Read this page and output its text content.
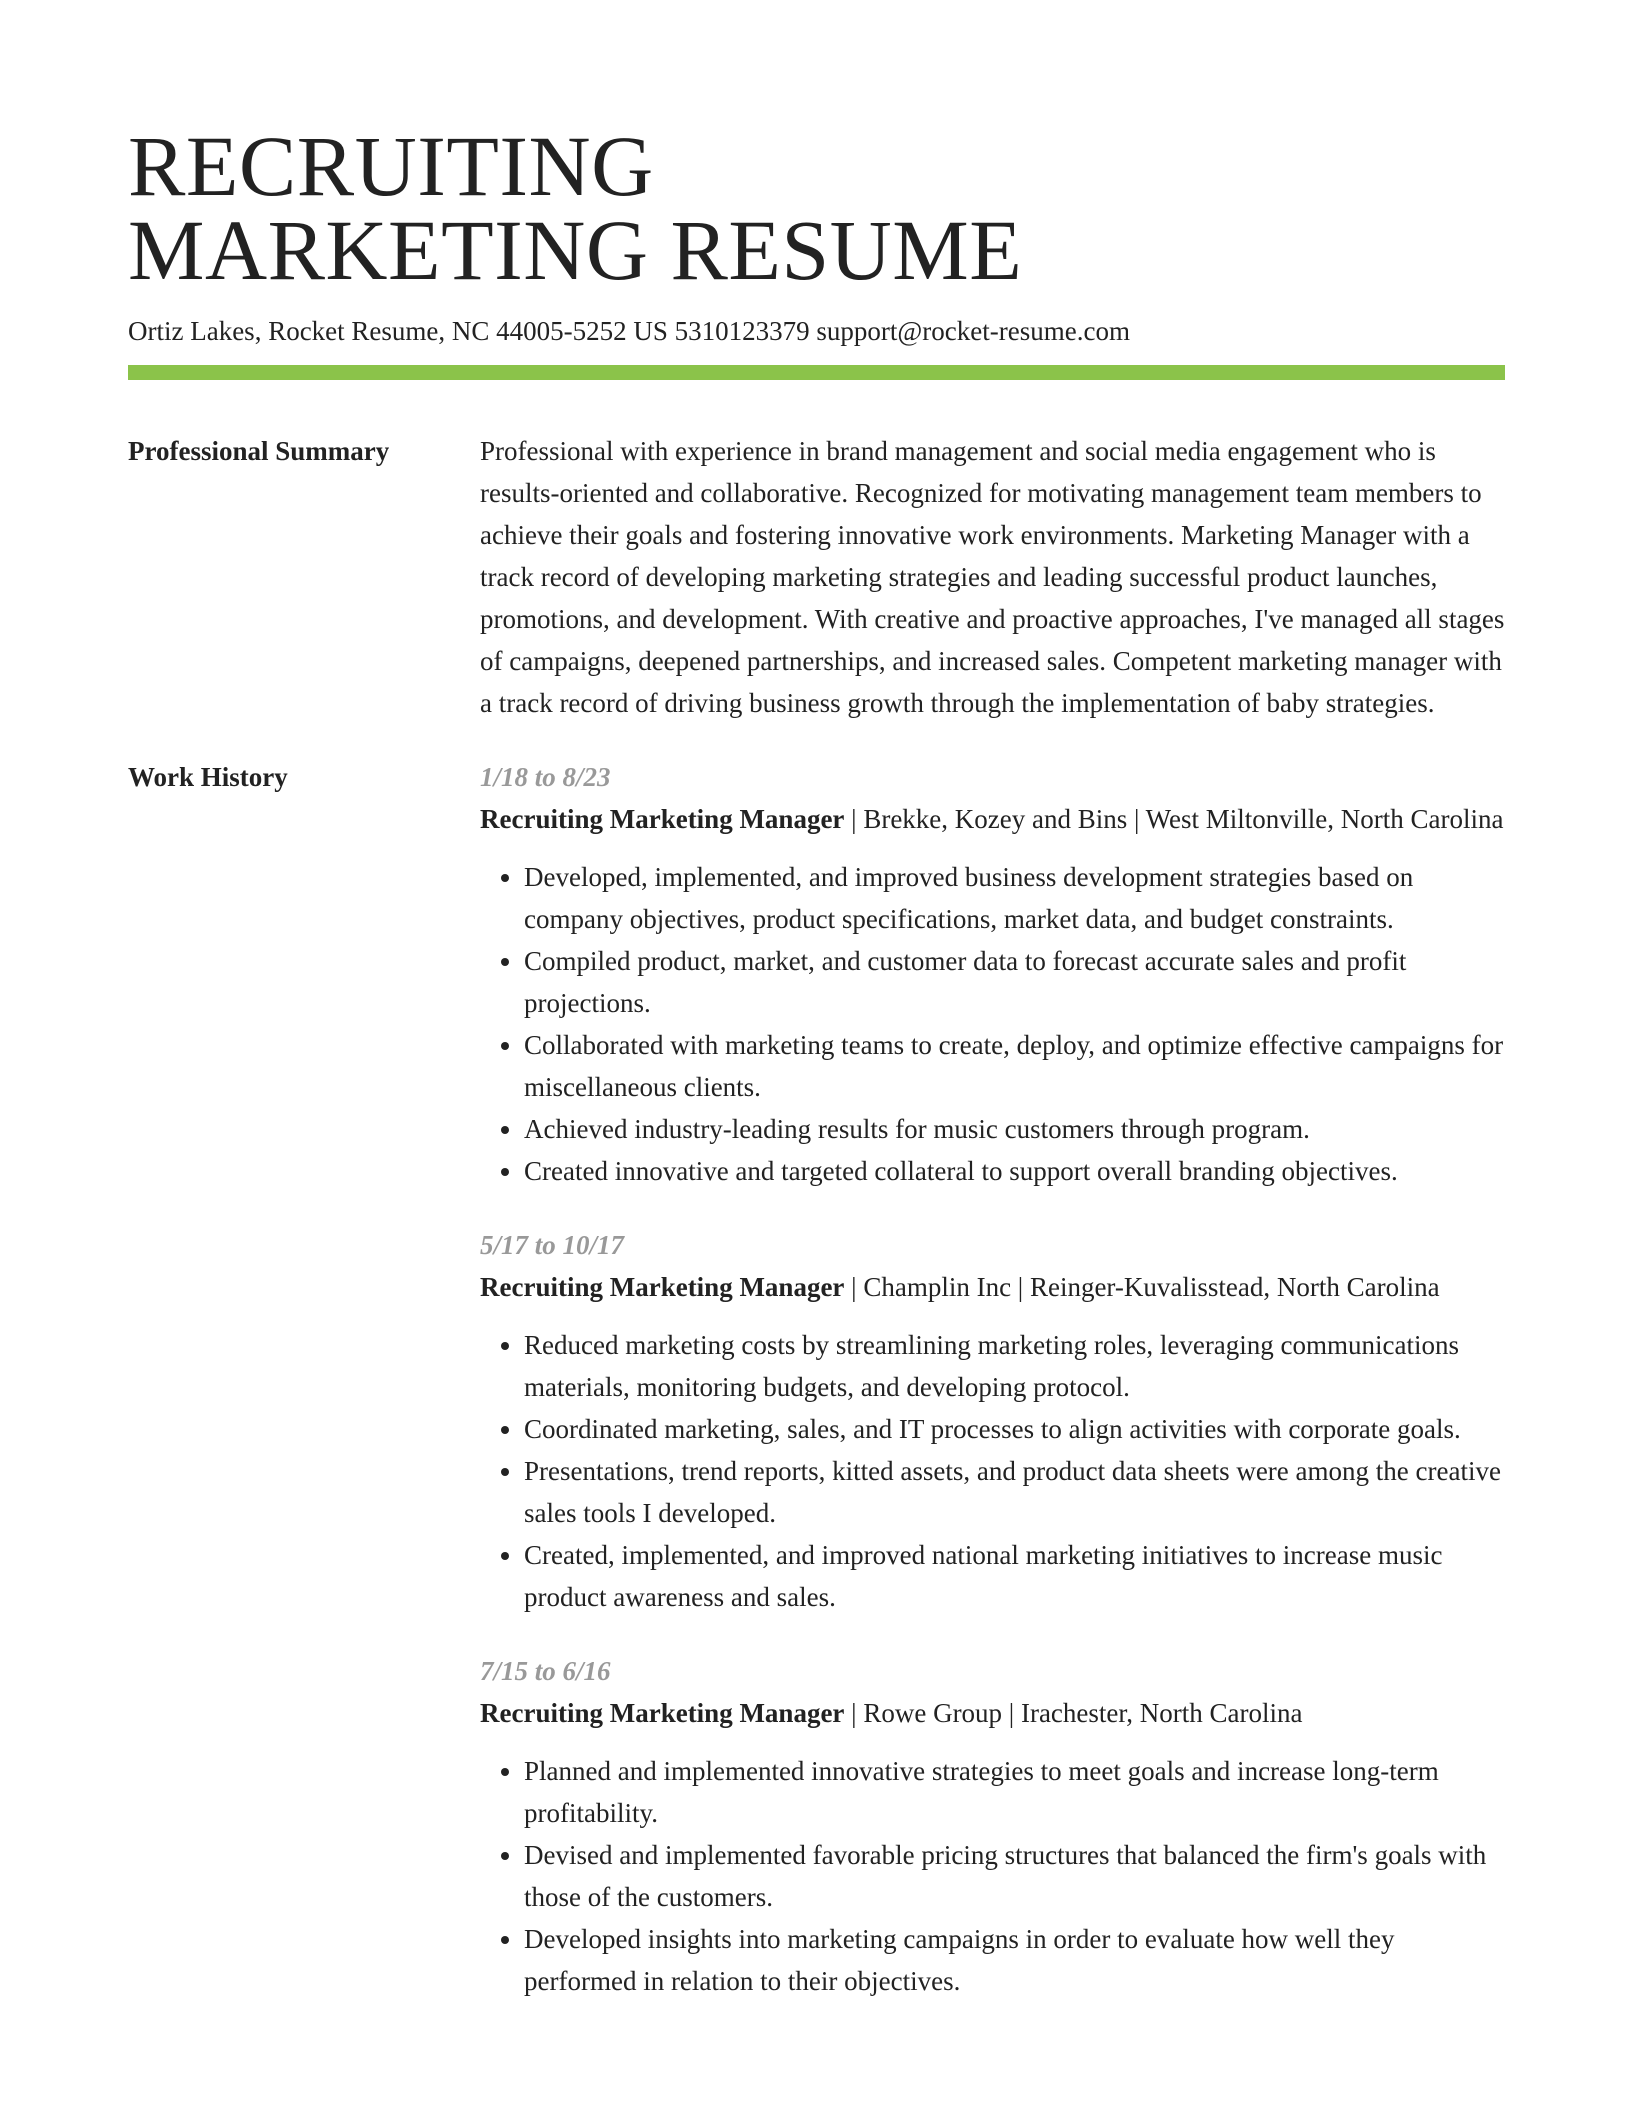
RECRUITING
MARKETING RESUME
Ortiz Lakes, Rocket Resume, NC 44005-5252 US 5310123379 support@rocket-resume.com
Professional Summary	Professional with experience in brand management and social media engagement who is results-oriented and collaborative. Recognized for motivating management team members to achieve their goals and fostering innovative work environments. Marketing Manager with a track record of developing marketing strategies and leading successful product launches, promotions, and development. With creative and proactive approaches, I've managed all stages of campaigns, deepened partnerships, and increased sales. Competent marketing manager with a track record of driving business growth through the implementation of baby strategies.

Work History	1/18 to 8/23
Recruiting Marketing Manager | Brekke, Kozey and Bins | West Miltonville, North Carolina
• Developed, implemented, and improved business development strategies based on company objectives, product specifications, market data, and budget constraints.
• Compiled product, market, and customer data to forecast accurate sales and profit projections.
• Collaborated with marketing teams to create, deploy, and optimize effective campaigns for miscellaneous clients.
• Achieved industry-leading results for music customers through program.
• Created innovative and targeted collateral to support overall branding objectives.
5/17 to 10/17
Recruiting Marketing Manager | Champlin Inc | Reinger-Kuvalisstead, North Carolina
• Reduced marketing costs by streamlining marketing roles, leveraging communications materials, monitoring budgets, and developing protocol.
• Coordinated marketing, sales, and IT processes to align activities with corporate goals.
• Presentations, trend reports, kitted assets, and product data sheets were among the creative sales tools I developed.
• Created, implemented, and improved national marketing initiatives to increase music product awareness and sales.
7/15 to 6/16
Recruiting Marketing Manager | Rowe Group | Irachester, North Carolina
• Planned and implemented innovative strategies to meet goals and increase long-term profitability.
• Devised and implemented favorable pricing structures that balanced the firm's goals with those of the customers.
• Developed insights into marketing campaigns in order to evaluate how well they performed in relation to their objectives.
